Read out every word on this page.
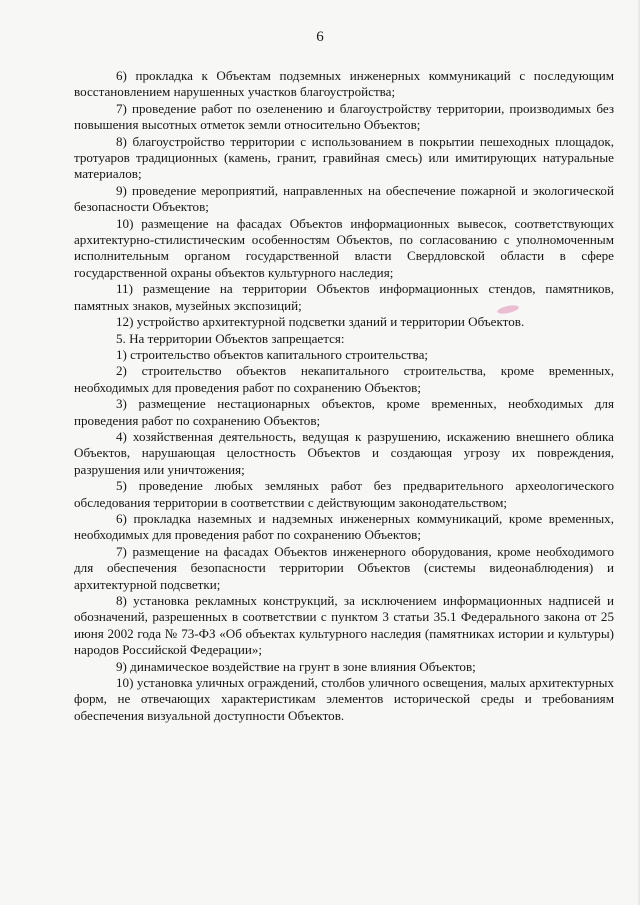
6

6) прокладка к Объектам подземных инженерных коммуникаций с последующим восстановлением нарушенных участков благоустройства;

7) проведение работ по озеленению и благоустройству территории, производимых без повышения высотных отметок земли относительно Объектов;

8) благоустройство территории с использованием в покрытии пешеходных площадок, тротуаров традиционных (камень, гранит, гравийная смесь) или имитирующих натуральные материалов;

9) проведение мероприятий, направленных на обеспечение пожарной и экологической безопасности Объектов;

10) размещение на фасадах Объектов информационных вывесок, соответствующих архитектурно-стилистическим особенностям Объектов, по согласованию с уполномоченным исполнительным органом государственной власти Свердловской области в сфере государственной охраны объектов культурного наследия;

11) размещение на территории Объектов информационных стендов, памятников, памятных знаков, музейных экспозиций;

12) устройство архитектурной подсветки зданий и территории Объектов.

5. На территории Объектов запрещается:

1) строительство объектов капитального строительства;

2) строительство объектов некапитального строительства, кроме временных, необходимых для проведения работ по сохранению Объектов;

3) размещение нестационарных объектов, кроме временных, необходимых для проведения работ по сохранению Объектов;

4) хозяйственная деятельность, ведущая к разрушению, искажению внешнего облика Объектов, нарушающая целостность Объектов и создающая угрозу их повреждения, разрушения или уничтожения;

5) проведение любых земляных работ без предварительного археологического обследования территории в соответствии с действующим законодательством;

6) прокладка наземных и надземных инженерных коммуникаций, кроме временных, необходимых для проведения работ по сохранению Объектов;

7) размещение на фасадах Объектов инженерного оборудования, кроме необходимого для обеспечения безопасности территории Объектов (системы видеонаблюдения) и архитектурной подсветки;

8) установка рекламных конструкций, за исключением информационных надписей и обозначений, разрешенных в соответствии с пунктом 3 статьи 35.1 Федерального закона от 25 июня 2002 года № 73-ФЗ «Об объектах культурного наследия (памятниках истории и культуры) народов Российской Федерации»;

9) динамическое воздействие на грунт в зоне влияния Объектов;

10) установка уличных ограждений, столбов уличного освещения, малых архитектурных форм, не отвечающих характеристикам элементов исторической среды и требованиям обеспечения визуальной доступности Объектов.
